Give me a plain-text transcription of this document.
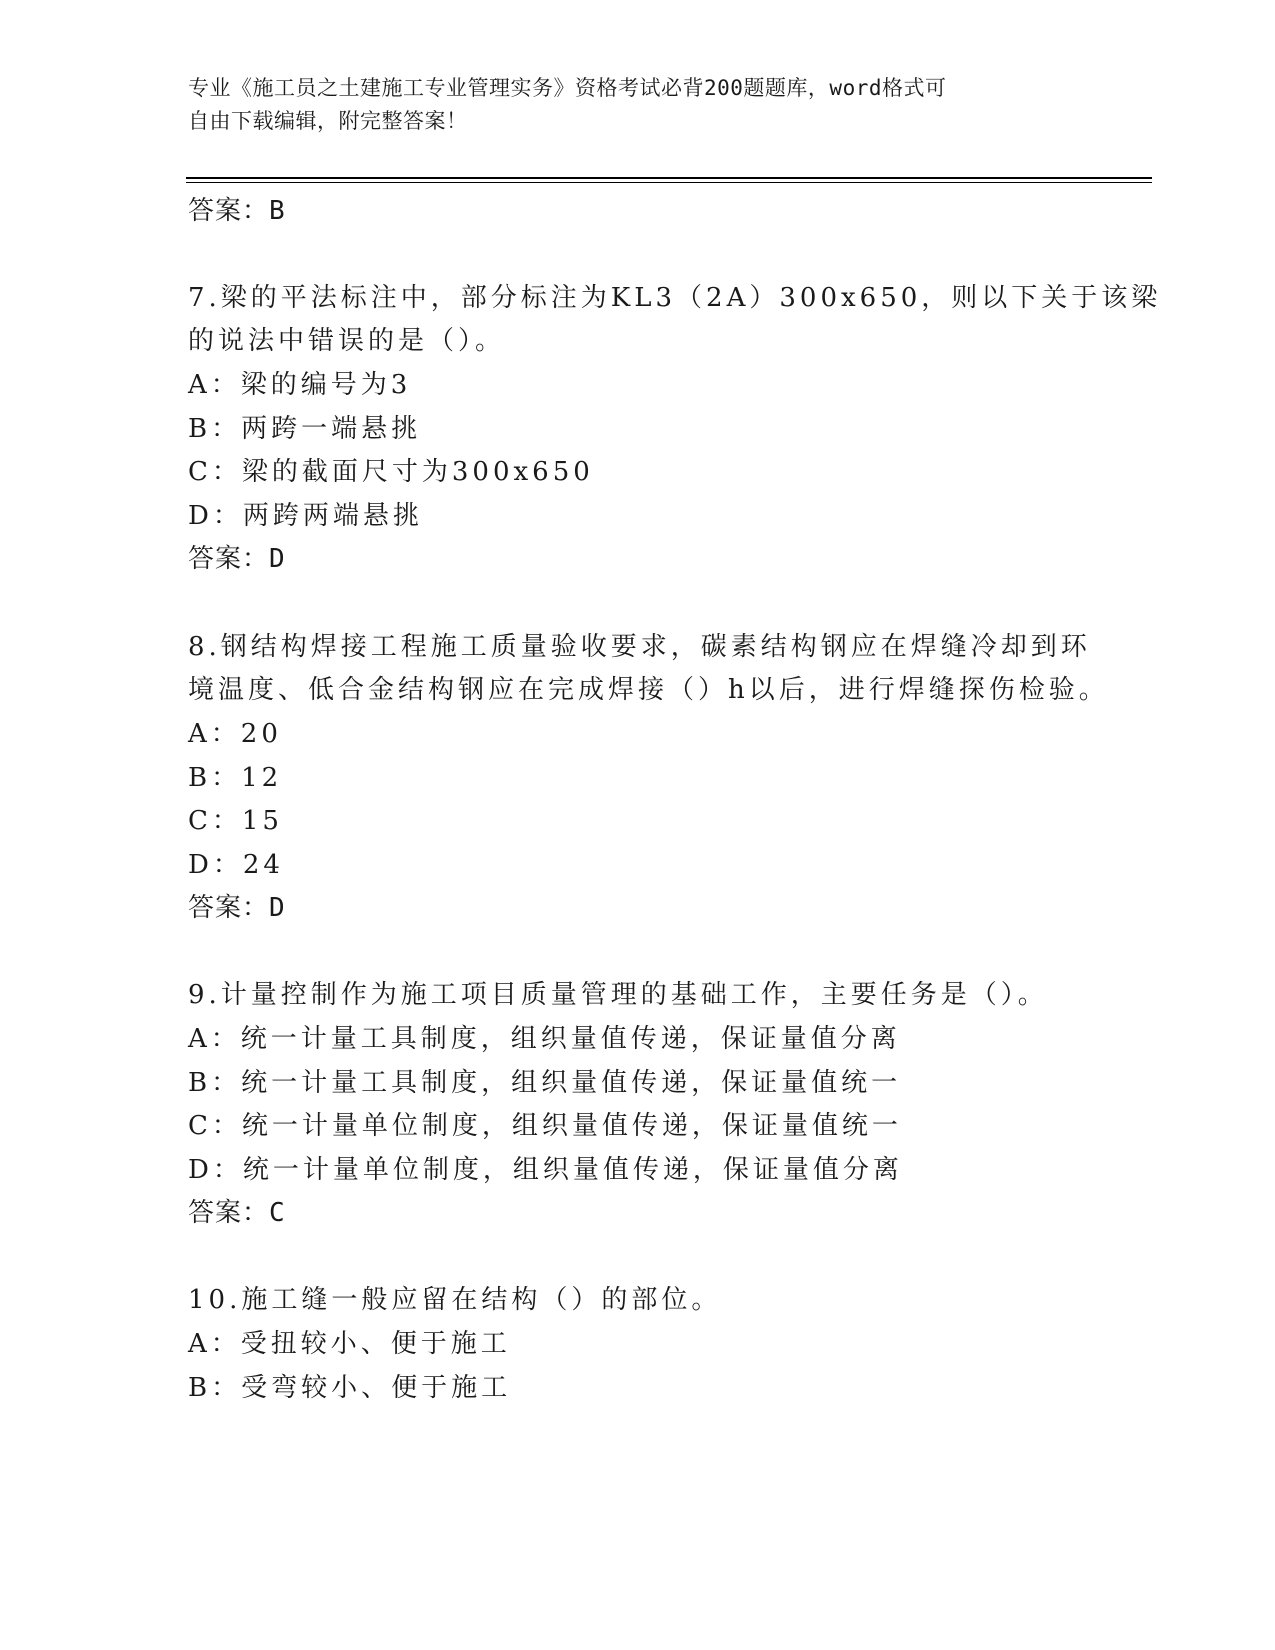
专业《施工员之土建施工专业管理实务》资格考试必背200题题库，word格式可
自由下载编辑，附完整答案！
答案：B
7.梁的平法标注中，部分标注为KL3（2A）300x650，则以下关于该梁
的说法中错误的是（）。
A：梁的编号为3
B：两跨一端悬挑
C：梁的截面尺寸为300x650
D：两跨两端悬挑
答案：D
8.钢结构焊接工程施工质量验收要求，碳素结构钢应在焊缝冷却到环
境温度、低合金结构钢应在完成焊接（）h以后，进行焊缝探伤检验。
A：20
B：12
C：15
D：24
答案：D
9.计量控制作为施工项目质量管理的基础工作，主要任务是（）。
A：统一计量工具制度，组织量值传递，保证量值分离
B：统一计量工具制度，组织量值传递，保证量值统一
C：统一计量单位制度，组织量值传递，保证量值统一
D：统一计量单位制度，组织量值传递，保证量值分离
答案：C
10.施工缝一般应留在结构（）的部位。
A：受扭较小、便于施工
B：受弯较小、便于施工
